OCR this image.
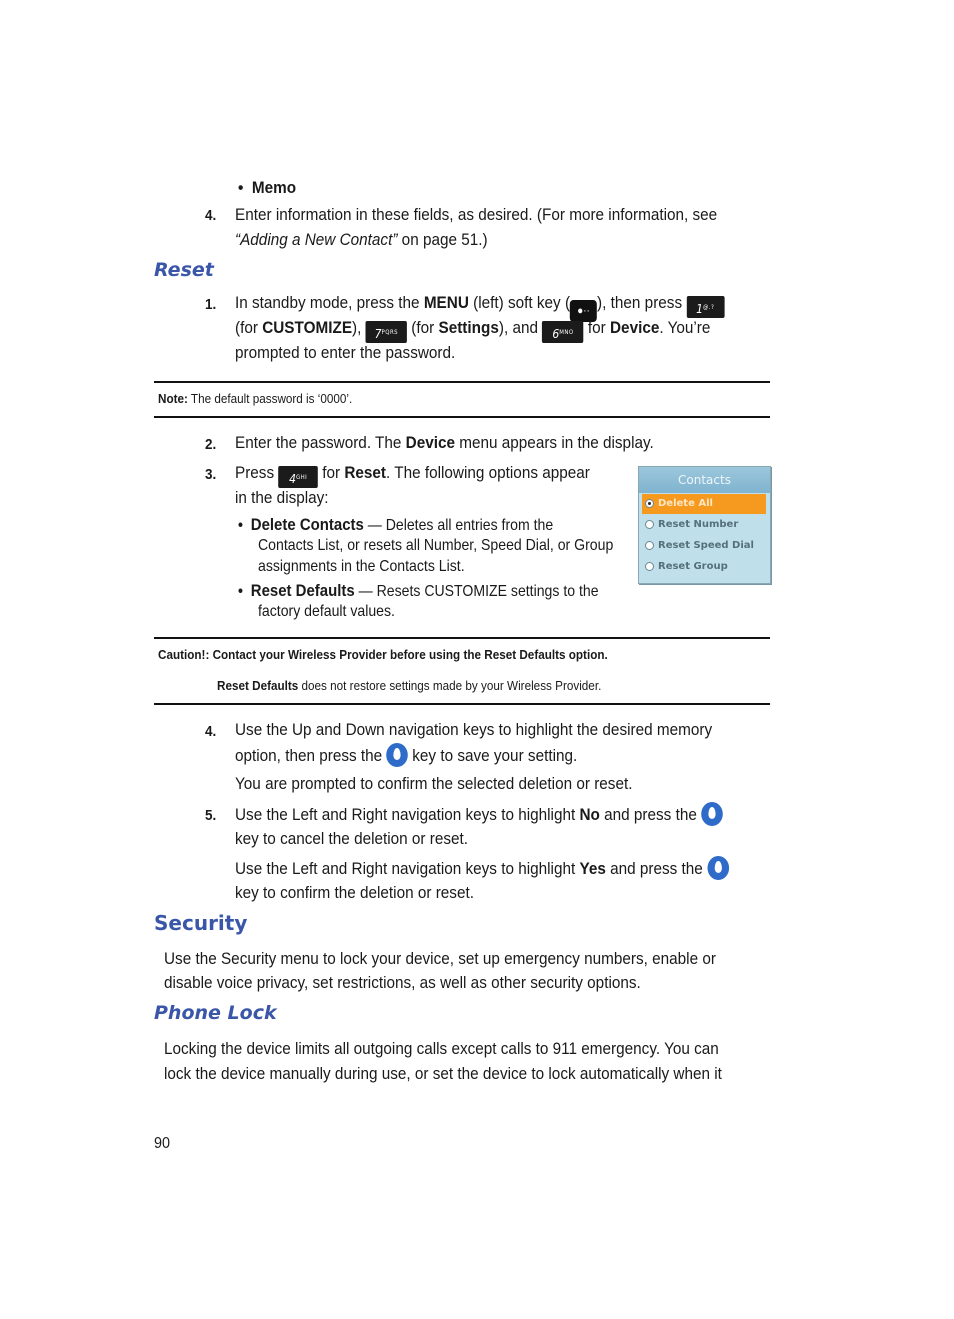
• Memo
4. Enter information in these fields, as desired. (For more information, see
“Adding a New Contact” on page 51.)
Reset
1. In standby mode, press the MENU (left) soft key ( ●·· ), then press 1@.?
(for CUSTOMIZE), $7^{PQRS}$ (for Settings), and $6^{MNO}$ for Device. You’re
prompted to enter the password.
Note: The default password is ‘0000’.
2. Enter the password. The Device menu appears in the display.
3. Press $4^{GHI}$ for Reset. The following options appear
in the display:
• Delete Contacts — Deletes all entries from the
Contacts List, or resets all Number, Speed Dial, or Group
assignments in the Contacts List.
• Reset Defaults — Resets CUSTOMIZE settings to the
factory default values.
Contacts
Delete All
Reset Number
Reset Speed Dial
Reset Group
Caution!: Contact your Wireless Provider before using the Reset Defaults option.
Reset Defaults does not restore settings made by your Wireless Provider.
4. Use the Up and Down navigation keys to highlight the desired memory
option, then press the  key to save your setting.
You are prompted to confirm the selected deletion or reset.
5. Use the Left and Right navigation keys to highlight No and press the
key to cancel the deletion or reset.
Use the Left and Right navigation keys to highlight Yes and press the
key to confirm the deletion or reset.
Security
Use the Security menu to lock your device, set up emergency numbers, enable or
disable voice privacy, set restrictions, as well as other security options.
Phone Lock
Locking the device limits all outgoing calls except calls to 911 emergency. You can
lock the device manually during use, or set the device to lock automatically when it
90
